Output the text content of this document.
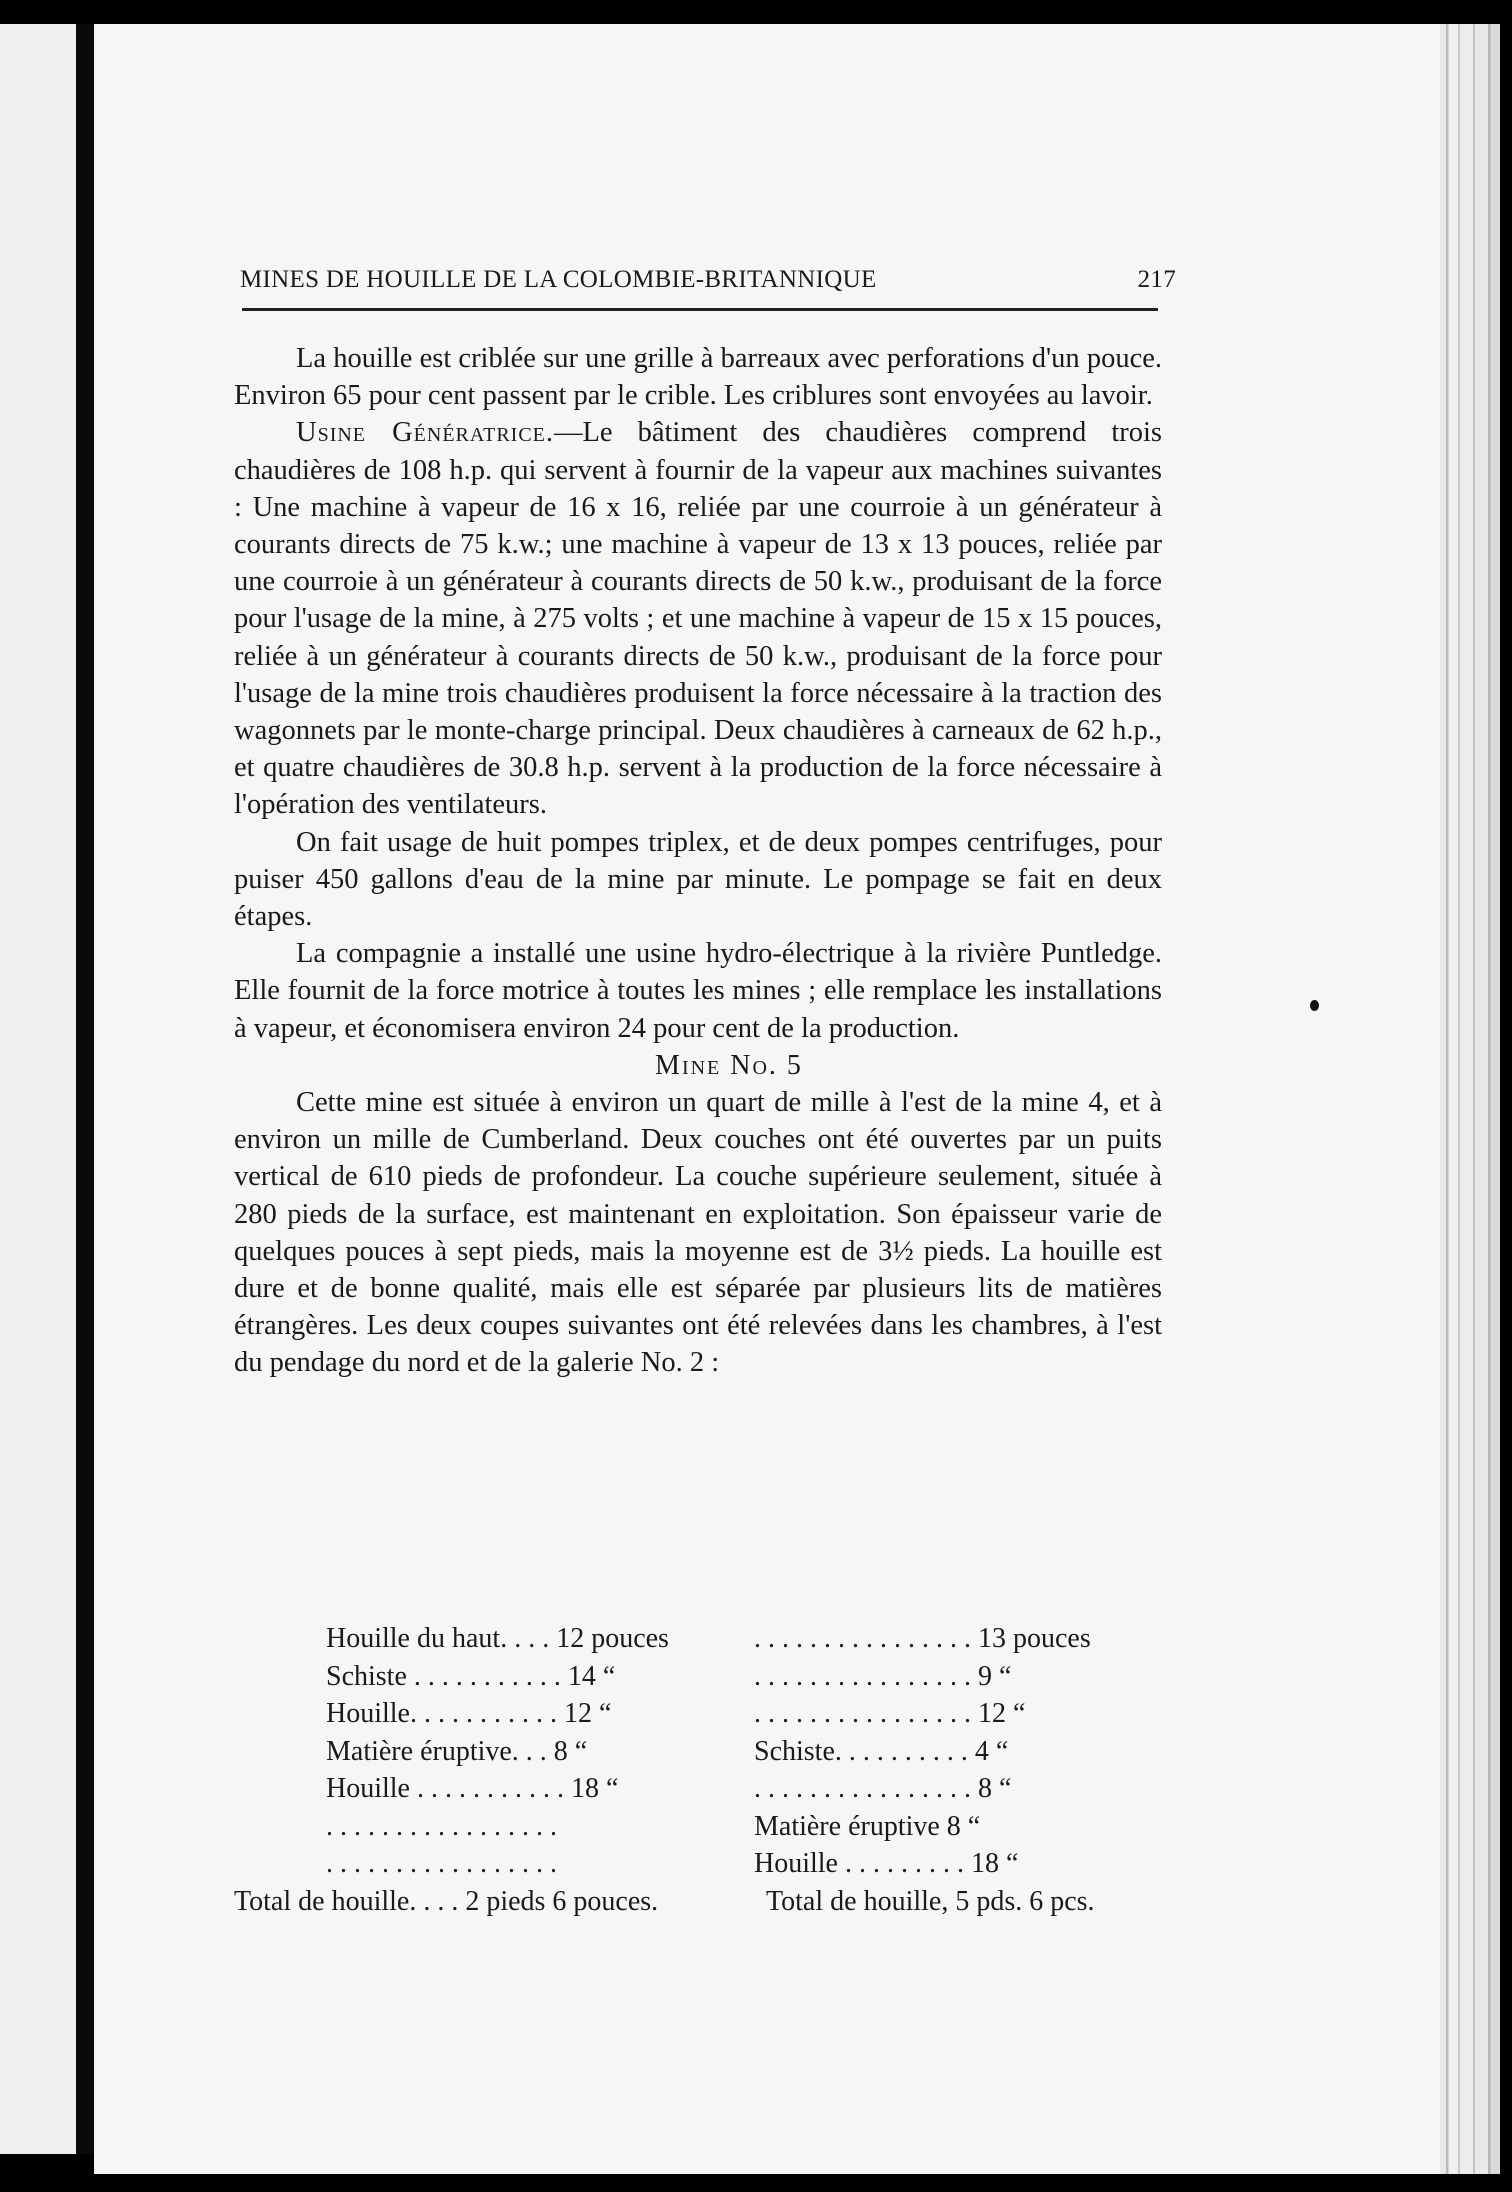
MINES DE HOUILLE DE LA COLOMBIE-BRITANNIQUE	217

La houille est criblée sur une grille à barreaux avec perforations d'un pouce. Environ 65 pour cent passent par le crible. Les criblures sont envoyées au lavoir.

Usine Génératrice.—Le bâtiment des chaudières comprend trois chaudières de 108 h.p. qui servent à fournir de la vapeur aux machines suivantes : Une machine à vapeur de 16 x 16, reliée par une courroie à un générateur à courants directs de 75 k.w.; une machine à vapeur de 13 x 13 pouces, reliée par une courroie à un générateur à courants directs de 50 k.w., produisant de la force pour l'usage de la mine, à 275 volts ; et une machine à vapeur de 15 x 15 pouces, reliée à un générateur à courants directs de 50 k.w., produisant de la force pour l'usage de la mine trois chaudières produisent la force nécessaire à la traction des wagonnets par le monte-charge principal. Deux chaudières à carneaux de 62 h.p., et quatre chaudières de 30.8 h.p. servent à la production de la force nécessaire à l'opération des ventilateurs.

On fait usage de huit pompes triplex, et de deux pompes centrifuges, pour puiser 450 gallons d'eau de la mine par minute. Le pompage se fait en deux étapes.

La compagnie a installé une usine hydro-électrique à la rivière Puntledge. Elle fournit de la force motrice à toutes les mines ; elle remplace les installations à vapeur, et économisera environ 24 pour cent de la production.

Mine No. 5

Cette mine est située à environ un quart de mille à l'est de la mine 4, et à environ un mille de Cumberland. Deux couches ont été ouvertes par un puits vertical de 610 pieds de profondeur. La couche supérieure seulement, située à 280 pieds de la surface, est maintenant en exploitation. Son épaisseur varie de quelques pouces à sept pieds, mais la moyenne est de 3½ pieds. La houille est dure et de bonne qualité, mais elle est séparée par plusieurs lits de matières étrangères. Les deux coupes suivantes ont été relevées dans les chambres, à l'est du pendage du nord et de la galerie No. 2 :

Houille du haut. . . . 12 pouces	. . . . . . . . . . . . . . . . 13 pouces
Schiste . . . . . . . . . . . 14 “	. . . . . . . . . . . . . . . . 9 “
Houille. . . . . . . . . . . 12 “	. . . . . . . . . . . . . . . . 12 “
Matière éruptive. . . 8 “	Schiste. . . . . . . . . . 4 “
Houille . . . . . . . . . . . 18 “	. . . . . . . . . . . . . . . . 8 “
. . . . . . . . . . . . . . . . .	Matière éruptive 8 “
. . . . . . . . . . . . . . . . .	Houille . . . . . . . . . 18 “
Total de houille. . . . 2 pieds 6 pouces.	Total de houille, 5 pds. 6 pcs.
